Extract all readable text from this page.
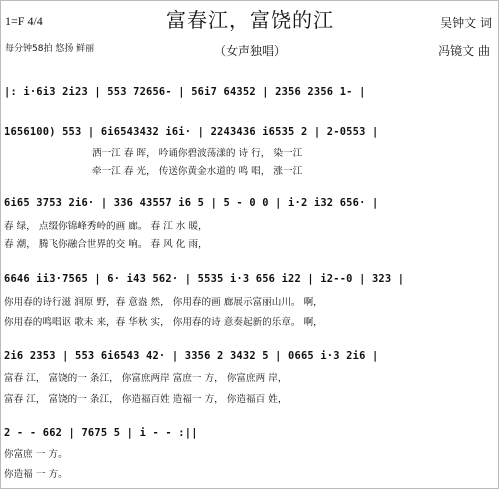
富春江，富饶的江
1=F 4/4
每分钟58拍 悠扬 鲜丽	（女声独唱）
吴钟文 词
冯镜文 曲
|: i·6i3 2i23 | 553 72656- | 56i7 64352 | 2356 2356 1- |
1656100) 553 | 6i6543432 i6i· | 2243436 i6535 2 | 2-0553 |
洒一江 春 晖， 吟诵你碧波荡漾的 诗 行， 染一江
牵一江 春 光， 传送你黄金水道的 鸣 唱， 涨一江
6i65 3753 2i6· | 336 43557 i6 5 | 5 - 0 0 | i·2 i32 656· |
春 绿， 点缀你锦峰秀岭的画 廊。 春 江 水 暖，
春 潮， 腾飞你融合世界的交 响。 春 风 化 雨，
6646 ii3·7565 | 6· i43 562· | 5535 i·3 656 i22 | i2--0 | 323 |
你用春的诗行滋 润原 野，春 意盎 然， 你用春的画 廊展示富丽山川。 啊，
你用春的鸣唱讴 歌未 来，春 华秋 实， 你用春的诗 意奏起新的乐章。 啊，
2i6 2353 | 553 6i6543 42· | 3356 2 3432 5 | 0665 i·3 2i6 |
富春 江， 富饶的一 条江， 你富庶两岸 富庶一 方， 你富庶两 岸，
富春 江， 富饶的一 条江， 你造福百姓 造福一 方， 你造福百 姓，
2 - - 662 | 7675 5 | i - - :||
你富庶 一 方。
你造福 一 方。
